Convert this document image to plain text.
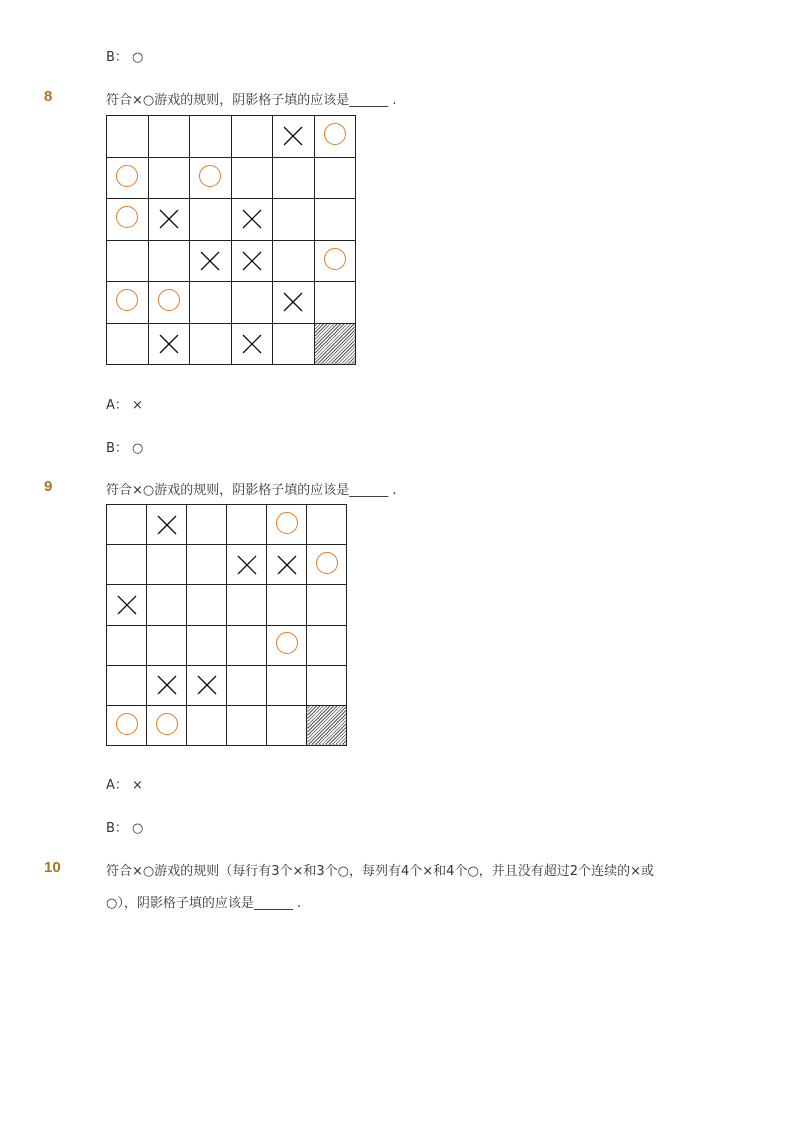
B： ○
8	符合×○游戏的规则，阴影格子填的应该是______ .

A： ×
B： ○
9	符合×○游戏的规则，阴影格子填的应该是______ .

A： ×
B： ○
10	符合×○游戏的规则（每行有3个×和3个○，每列有4个×和4个○，并且没有超过2个连续的×或
○），阴影格子填的应该是______ .
